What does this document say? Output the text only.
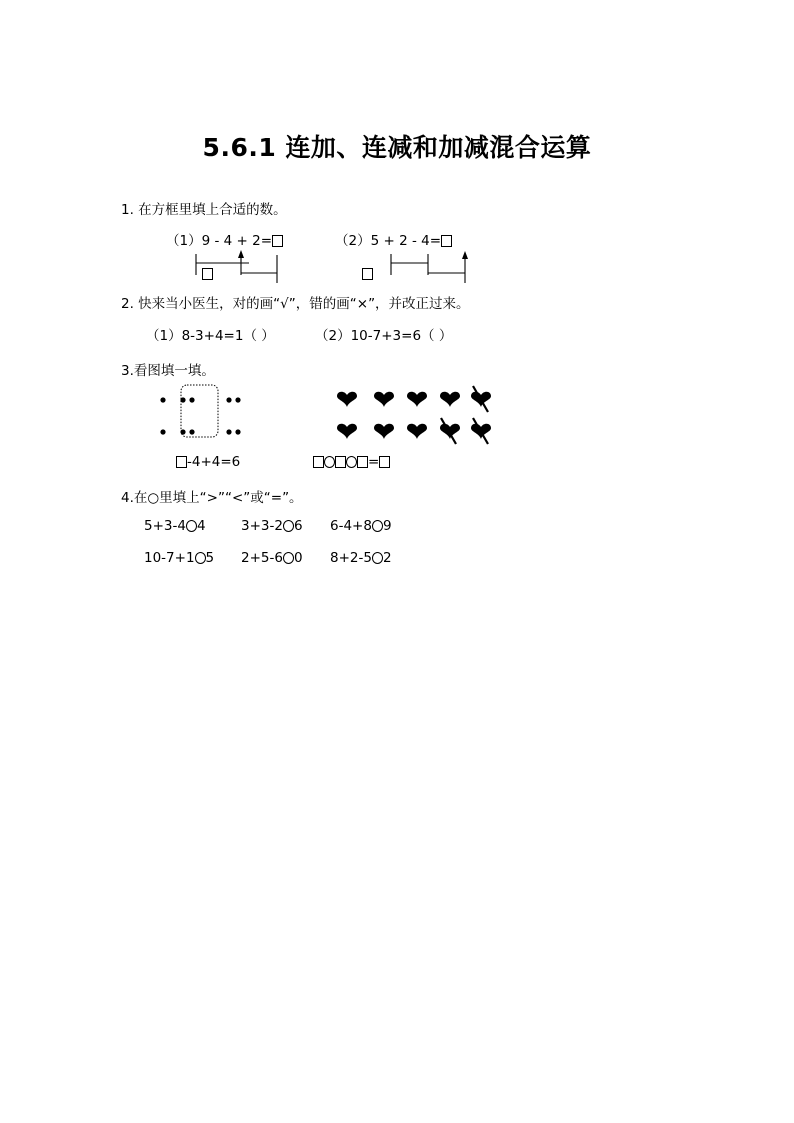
5.6.1 连加、连减和加减混合运算
1. 在方框里填上合适的数。
（1）9 - 4 + 2=	（2）5 + 2 - 4=
2. 快来当小医生，对的画“√”，错的画“×”，并改正过来。
（1）8-3+4=1（ ）	（2）10-7+3=6（ ）
3.看图填一填。
-4+4=6	=
4.在○里填上“>”“<”或“=”。
5+3-4 4	3+3-2 6 6-4+8 9
10-7+1 5 2+5-6 0 8+2-5 2
